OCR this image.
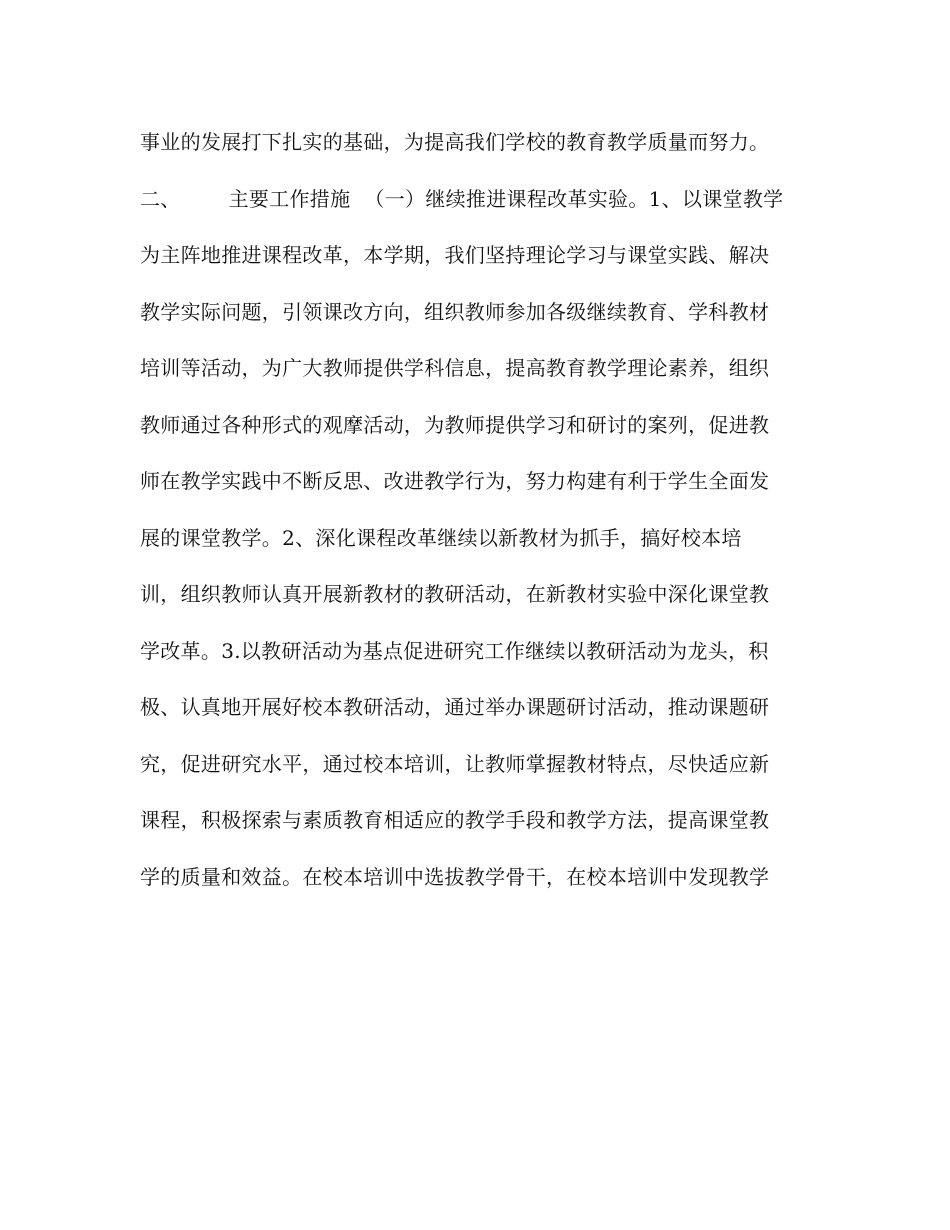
事业的发展打下扎实的基础，为提高我们学校的教育教学质量而努力。
二、 主要工作措施 （一）继续推进课程改革实验。1、以课堂教学
为主阵地推进课程改革，本学期，我们坚持理论学习与课堂实践、解决
教学实际问题，引领课改方向，组织教师参加各级继续教育、学科教材
培训等活动，为广大教师提供学科信息，提高教育教学理论素养，组织
教师通过各种形式的观摩活动，为教师提供学习和研讨的案列，促进教
师在教学实践中不断反思、改进教学行为，努力构建有利于学生全面发
展的课堂教学。2、深化课程改革继续以新教材为抓手，搞好校本培
训，组织教师认真开展新教材的教研活动，在新教材实验中深化课堂教
学改革。3.以教研活动为基点促进研究工作继续以教研活动为龙头，积
极、认真地开展好校本教研活动，通过举办课题研讨活动，推动课题研
究，促进研究水平，通过校本培训，让教师掌握教材特点，尽快适应新
课程，积极探索与素质教育相适应的教学手段和教学方法，提高课堂教
学的质量和效益。在校本培训中选拔教学骨干，在校本培训中发现教学
